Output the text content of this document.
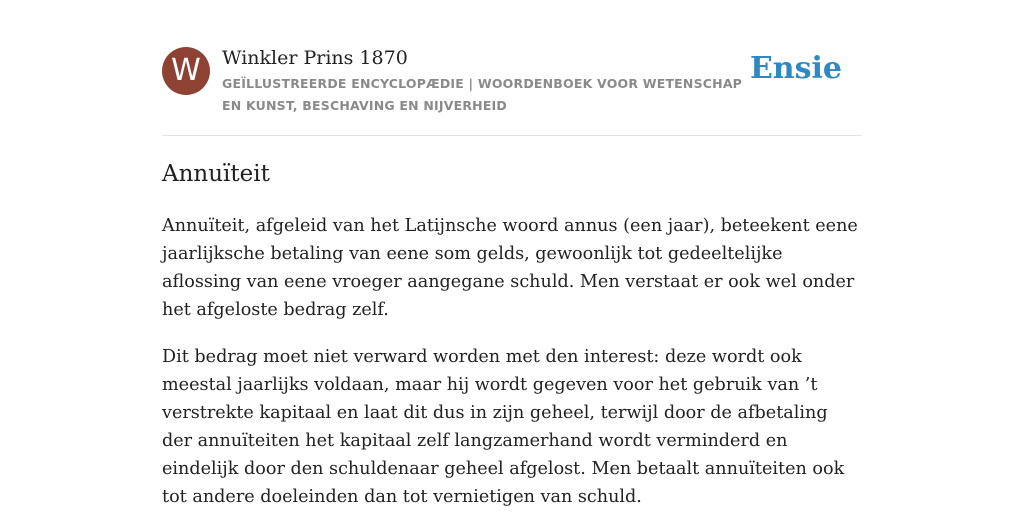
W	Winkler Prins 1870
GEÏLLUSTREERDE ENCYCLOPÆDIE | WOORDENBOEK VOOR WETENSCHAP EN KUNST, BESCHAVING EN NIJVERHEID
Ensie
Annuïteit

Annuïteit, afgeleid van het Latijnsche woord annus (een jaar), beteekent eene jaarlijksche betaling van eene som gelds, gewoonlijk tot gedeeltelijke aflossing van eene vroeger aangegane schuld. Men verstaat er ook wel onder het afgeloste bedrag zelf.

Dit bedrag moet niet verward worden met den interest: deze wordt ook meestal jaarlijks voldaan, maar hij wordt gegeven voor het gebruik van ’t verstrekte kapitaal en laat dit dus in zijn geheel, terwijl door de afbetaling der annuïteiten het kapitaal zelf langzamerhand wordt verminderd en eindelijk door den schuldenaar geheel afgelost. Men betaalt annuïteiten ook tot andere doeleinden dan tot vernietigen van schuld.
